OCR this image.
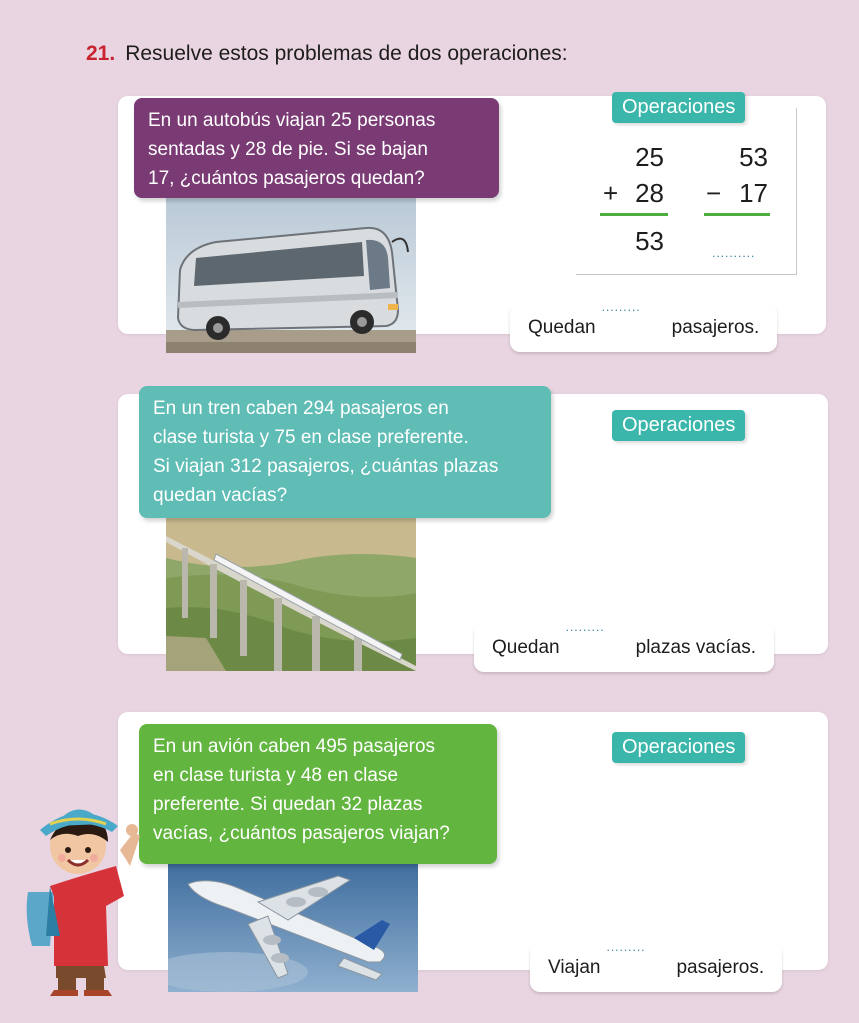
21. Resuelve estos problemas de dos operaciones:
En un autobús viajan 25 personas
sentadas y 28 de pie. Si se bajan
17, ¿cuántos pasajeros quedan?
Operaciones
25
+ 28
53
53
− 17
..........
Quedan	pasajeros.
En un tren caben 294 pasajeros en
clase turista y 75 en clase preferente.
Si viajan 312 pasajeros, ¿cuántas plazas
quedan vacías?
Operaciones
Quedan	plazas vacías.
En un avión caben 495 pasajeros
en clase turista y 48 en clase
preferente. Si quedan 32 plazas
vacías, ¿cuántos pasajeros viajan?
Operaciones
Viajan	pasajeros.
